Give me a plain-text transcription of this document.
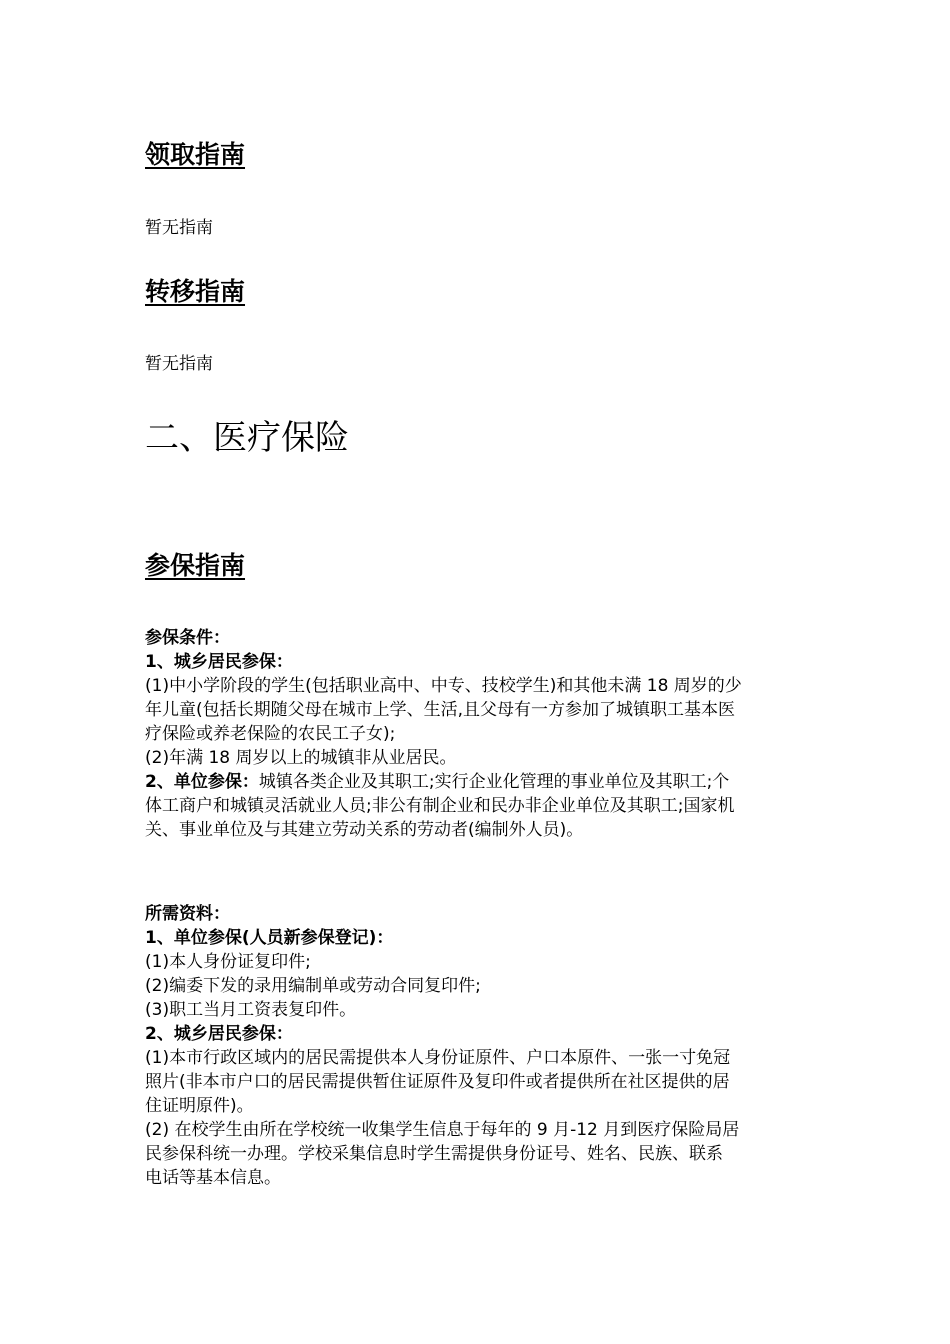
领取指南

暂无指南

转移指南

暂无指南

二、医疗保险
参保指南
参保条件：
1、城乡居民参保：
(1)中小学阶段的学生(包括职业高中、中专、技校学生)和其他未满 18 周岁的少
年儿童(包括长期随父母在城市上学、生活,且父母有一方参加了城镇职工基本医
疗保险或养老保险的农民工子女);
(2)年满 18 周岁以上的城镇非从业居民。
2、单位参保：城镇各类企业及其职工;实行企业化管理的事业单位及其职工;个
体工商户和城镇灵活就业人员;非公有制企业和民办非企业单位及其职工;国家机
关、事业单位及与其建立劳动关系的劳动者(编制外人员)。
所需资料：
1、单位参保(人员新参保登记)：
(1)本人身份证复印件;
(2)编委下发的录用编制单或劳动合同复印件;
(3)职工当月工资表复印件。
2、城乡居民参保：
(1)本市行政区域内的居民需提供本人身份证原件、户口本原件、一张一寸免冠
照片(非本市户口的居民需提供暂住证原件及复印件或者提供所在社区提供的居
住证明原件)。
(2) 在校学生由所在学校统一收集学生信息于每年的 9 月-12 月到医疗保险局居
民参保科统一办理。学校采集信息时学生需提供身份证号、姓名、民族、联系
电话等基本信息。
